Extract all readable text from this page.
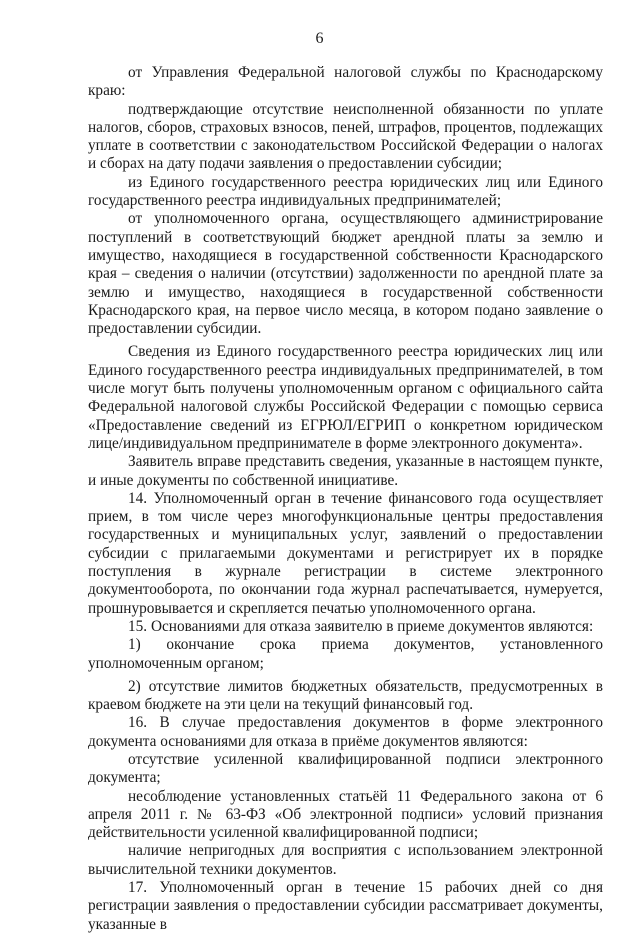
6

от Управления Федеральной налоговой службы по Краснодарскому краю:

подтверждающие отсутствие неисполненной обязанности по уплате налогов, сборов, страховых взносов, пеней, штрафов, процентов, подлежащих уплате в соответствии с законодательством Российской Федерации о налогах и сборах на дату подачи заявления о предоставлении субсидии;

из Единого государственного реестра юридических лиц или Единого государственного реестра индивидуальных предпринимателей;

от уполномоченного органа, осуществляющего администрирование поступлений в соответствующий бюджет арендной платы за землю и имущество, находящиеся в государственной собственности Краснодарского края – сведения о наличии (отсутствии) задолженности по арендной плате за землю и имущество, находящиеся в государственной собственности Краснодарского края, на первое число месяца, в котором подано заявление о предоставлении субсидии.

Сведения из Единого государственного реестра юридических лиц или Единого государственного реестра индивидуальных предпринимателей, в том числе могут быть получены уполномоченным органом с официального сайта Федеральной налоговой службы Российской Федерации с помощью сервиса «Предоставление сведений из ЕГРЮЛ/ЕГРИП о конкретном юридическом лице/индивидуальном предпринимателе в форме электронного документа».

Заявитель вправе представить сведения, указанные в настоящем пункте, и иные документы по собственной инициативе.

14. Уполномоченный орган в течение финансового года осуществляет прием, в том числе через многофункциональные центры предоставления государственных и муниципальных услуг, заявлений о предоставлении субсидии с прилагаемыми документами и регистрирует их в порядке поступления в журнале регистрации в системе электронного документооборота, по окончании года журнал распечатывается, нумеруется, прошнуровывается и скрепляется печатью уполномоченного органа.

15. Основаниями для отказа заявителю в приеме документов являются:

1) окончание срока приема документов, установленного уполномоченным органом;

2) отсутствие лимитов бюджетных обязательств, предусмотренных в краевом бюджете на эти цели на текущий финансовый год.

16. В случае предоставления документов в форме электронного документа основаниями для отказа в приёме документов являются:

отсутствие усиленной квалифицированной подписи электронного документа;

несоблюдение установленных статьёй 11 Федерального закона от 6 апреля 2011 г. № 63-ФЗ «Об электронной подписи» условий признания действительности усиленной квалифицированной подписи;

наличие непригодных для восприятия с использованием электронной вычислительной техники документов.

17. Уполномоченный орган в течение 15 рабочих дней со дня регистрации заявления о предоставлении субсидии рассматривает документы, указанные в
